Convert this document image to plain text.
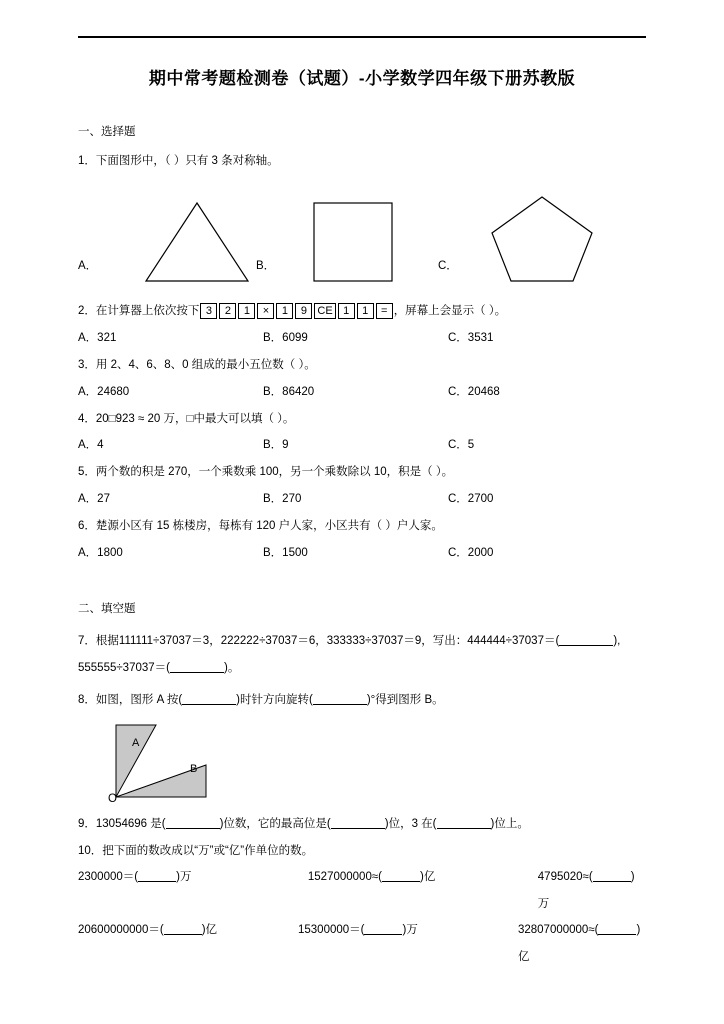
期中常考题检测卷（试题）-小学数学四年级下册苏教版
一、选择题
1．下面图形中，（ ）只有 3 条对称轴。
A．	B．	C．
2．在计算器上依次按下 3 2 1 × 1 9 CE 1 1 = ，屏幕上会显示（ ）。
A．321	B．6099	C．3531
3．用 2、4、6、8、0 组成的最小五位数（ ）。
A．24680	B．86420	C．20468
4．20□923 ≈ 20 万，□中最大可以填（ ）。
A．4	B．9	C．5
5．两个数的积是 270，一个乘数乘 100，另一个乘数除以 10，积是（ ）。
A．27	B．270	C．2700
6．楚源小区有 15 栋楼房，每栋有 120 户人家，小区共有（ ）户人家。
A．1800	B．1500	C．2000
二、填空题
7．根据111111÷37037＝3，222222÷37037＝6，333333÷37037＝9，写出：444444÷37037＝(	),
555555÷37037＝(	)。
8．如图，图形 A 按(	)时针方向旋转(	)°得到图形 B。
O
A
B
9．13054696 是(	)位数，它的最高位是(	)位，3 在(	)位上。
10．把下面的数改成以“万”或“亿”作单位的数。
2300000＝(	)万	1527000000≈(	)亿	4795020≈(	)万
20600000000＝(	)亿	15300000＝(	)万	32807000000≈(	)亿
